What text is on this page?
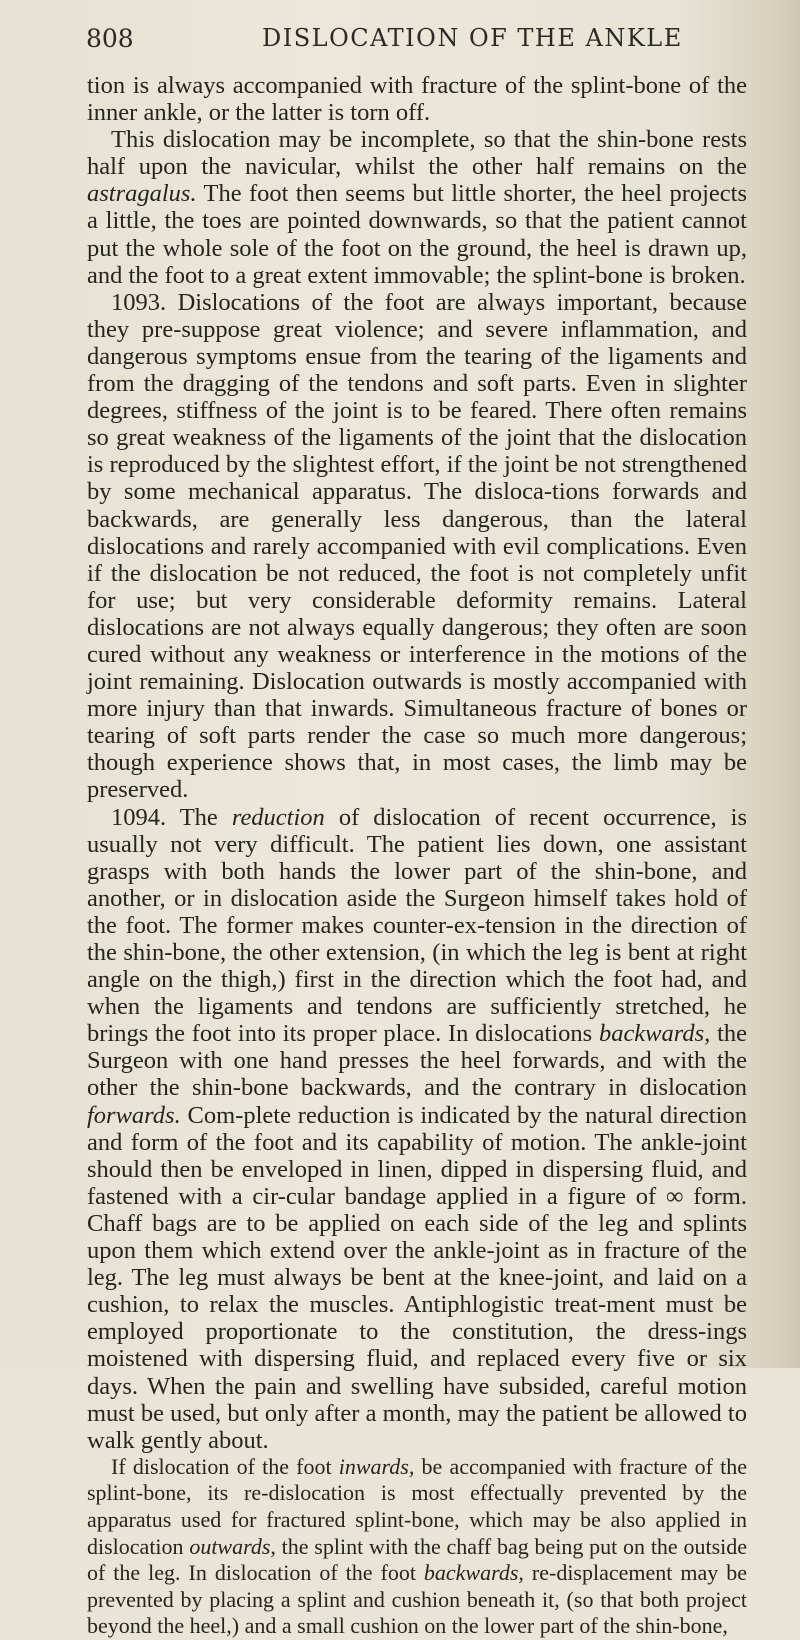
808	DISLOCATION OF THE ANKLE

tion is always accompanied with fracture of the splint-bone of the inner ankle, or the latter is torn off.

This dislocation may be incomplete, so that the shin-bone rests half upon the navicular, whilst the other half remains on the astragalus. The foot then seems but little shorter, the heel projects a little, the toes are pointed downwards, so that the patient cannot put the whole sole of the foot on the ground, the heel is drawn up, and the foot to a great extent immovable; the splint-bone is broken.

1093. Dislocations of the foot are always important, because they pre-suppose great violence; and severe inflammation, and dangerous symptoms ensue from the tearing of the ligaments and from the dragging of the tendons and soft parts. Even in slighter degrees, stiffness of the joint is to be feared. There often remains so great weakness of the ligaments of the joint that the dislocation is reproduced by the slightest effort, if the joint be not strengthened by some mechanical apparatus. The disloca-tions forwards and backwards, are generally less dangerous, than the lateral dislocations and rarely accompanied with evil complications. Even if the dislocation be not reduced, the foot is not completely unfit for use; but very considerable deformity remains. Lateral dislocations are not always equally dangerous; they often are soon cured without any weakness or interference in the motions of the joint remaining. Dislocation outwards is mostly accompanied with more injury than that inwards. Simultaneous fracture of bones or tearing of soft parts render the case so much more dangerous; though experience shows that, in most cases, the limb may be preserved.

1094. The reduction of dislocation of recent occurrence, is usually not very difficult. The patient lies down, one assistant grasps with both hands the lower part of the shin-bone, and another, or in dislocation aside the Surgeon himself takes hold of the foot. The former makes counter-ex-tension in the direction of the shin-bone, the other extension, (in which the leg is bent at right angle on the thigh,) first in the direction which the foot had, and when the ligaments and tendons are sufficiently stretched, he brings the foot into its proper place. In dislocations backwards, the Surgeon with one hand presses the heel forwards, and with the other the shin-bone backwards, and the contrary in dislocation forwards. Com-plete reduction is indicated by the natural direction and form of the foot and its capability of motion. The ankle-joint should then be enveloped in linen, dipped in dispersing fluid, and fastened with a cir-cular bandage applied in a figure of ∞ form. Chaff bags are to be applied on each side of the leg and splints upon them which extend over the ankle-joint as in fracture of the leg. The leg must always be bent at the knee-joint, and laid on a cushion, to relax the muscles. Antiphlogistic treat-ment must be employed proportionate to the constitution, the dress-ings moistened with dispersing fluid, and replaced every five or six days. When the pain and swelling have subsided, careful motion must be used, but only after a month, may the patient be allowed to walk gently about.

If dislocation of the foot inwards, be accompanied with fracture of the splint-bone, its re-dislocation is most effectually prevented by the apparatus used for fractured splint-bone, which may be also applied in dislocation outwards, the splint with the chaff bag being put on the outside of the leg. In dislocation of the foot backwards, re-displacement may be prevented by placing a splint and cushion beneath it, (so that both project beyond the heel,) and a small cushion on the lower part of the shin-bone,
